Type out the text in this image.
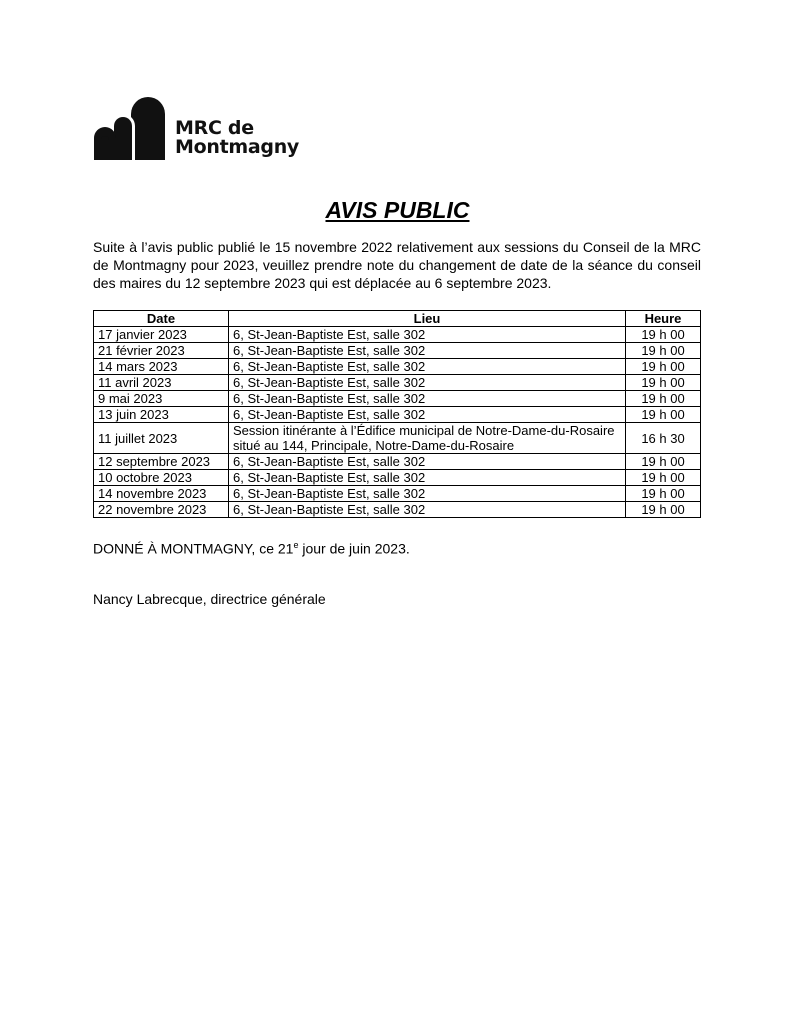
MRC de
Montmagny
AVIS PUBLIC
Suite à l’avis public publié le 15 novembre 2022 relativement aux sessions du Conseil de la MRC de Montmagny pour 2023, veuillez prendre note du changement de date de la séance du conseil des maires du 12 septembre 2023 qui est déplacée au 6 septembre 2023.
Date	Lieu	Heure
17 janvier 2023	6, St-Jean-Baptiste Est, salle 302	19 h 00
21 février 2023	6, St-Jean-Baptiste Est, salle 302	19 h 00
14 mars 2023	6, St-Jean-Baptiste Est, salle 302	19 h 00
11 avril 2023	6, St-Jean-Baptiste Est, salle 302	19 h 00
9 mai 2023	6, St-Jean-Baptiste Est, salle 302	19 h 00
13 juin 2023	6, St-Jean-Baptiste Est, salle 302	19 h 00
11 juillet 2023	Session itinérante à l’Édifice municipal de Notre-Dame-du-Rosaire situé au 144, Principale, Notre-Dame-du-Rosaire	16 h 30
12 septembre 2023	6, St-Jean-Baptiste Est, salle 302	19 h 00
10 octobre 2023	6, St-Jean-Baptiste Est, salle 302	19 h 00
14 novembre 2023	6, St-Jean-Baptiste Est, salle 302	19 h 00
22 novembre 2023	6, St-Jean-Baptiste Est, salle 302	19 h 00
DONNÉ À MONTMAGNY, ce 21e jour de juin 2023.
Nancy Labrecque, directrice générale
